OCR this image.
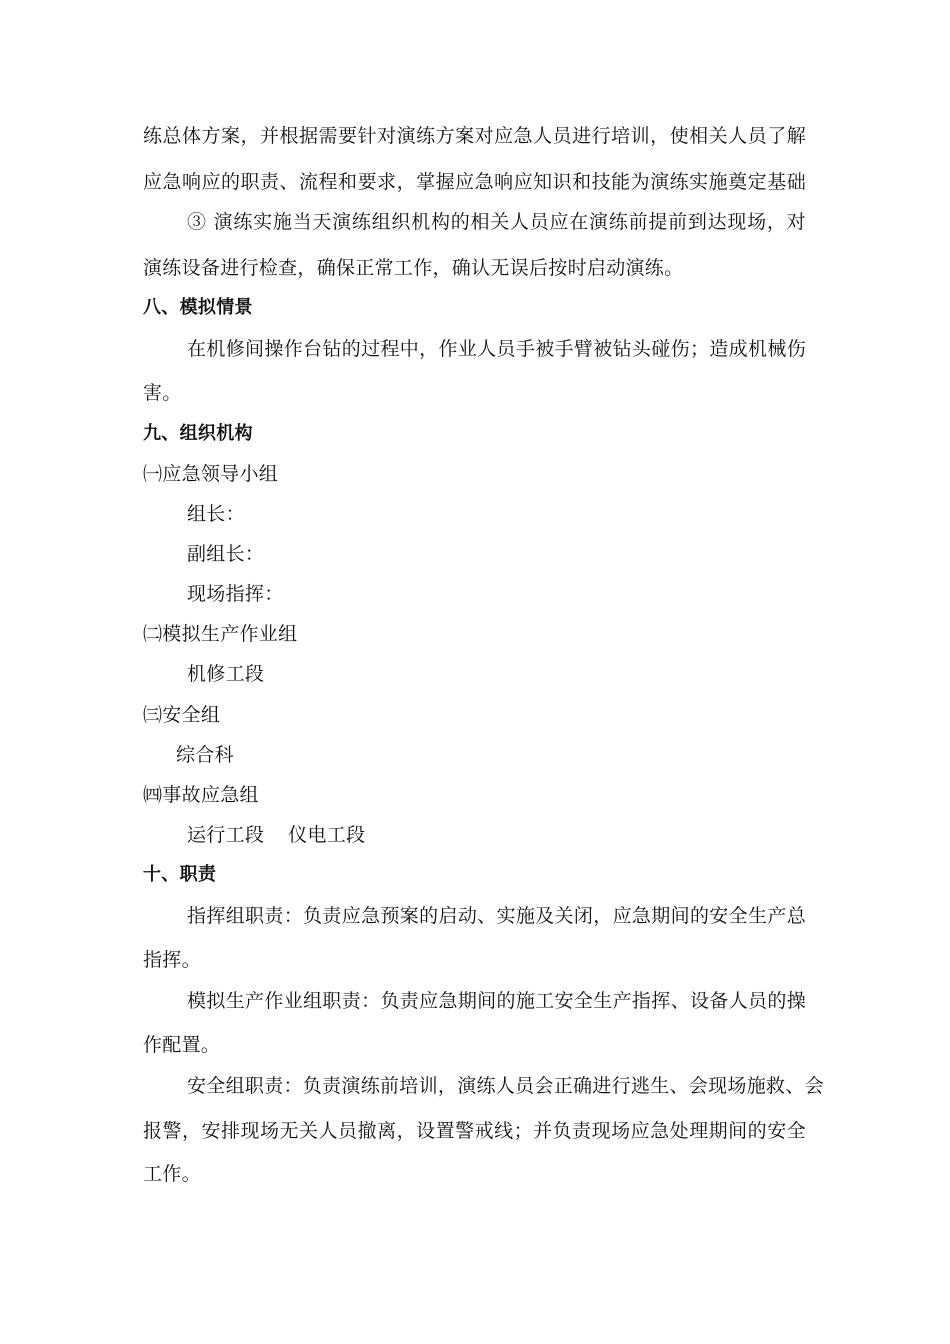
练总体方案，并根据需要针对演练方案对应急人员进行培训，使相关人员了解
应急响应的职责、流程和要求，掌握应急响应知识和技能为演练实施奠定基础
③ 演练实施当天演练组织机构的相关人员应在演练前提前到达现场，对
演练设备进行检查，确保正常工作，确认无误后按时启动演练。
八、模拟情景
在机修间操作台钻的过程中，作业人员手被手臂被钻头碰伤；造成机械伤
害。
九、组织机构
㈠应急领导小组
组长：
副组长：
现场指挥：
㈡模拟生产作业组
机修工段
㈢安全组
综合科
㈣事故应急组
运行工段 仪电工段
十、职责
指挥组职责：负责应急预案的启动、实施及关闭，应急期间的安全生产总
指挥。
模拟生产作业组职责：负责应急期间的施工安全生产指挥、设备人员的操
作配置。
安全组职责：负责演练前培训，演练人员会正确进行逃生、会现场施救、会
报警，安排现场无关人员撤离，设置警戒线；并负责现场应急处理期间的安全
工作。
